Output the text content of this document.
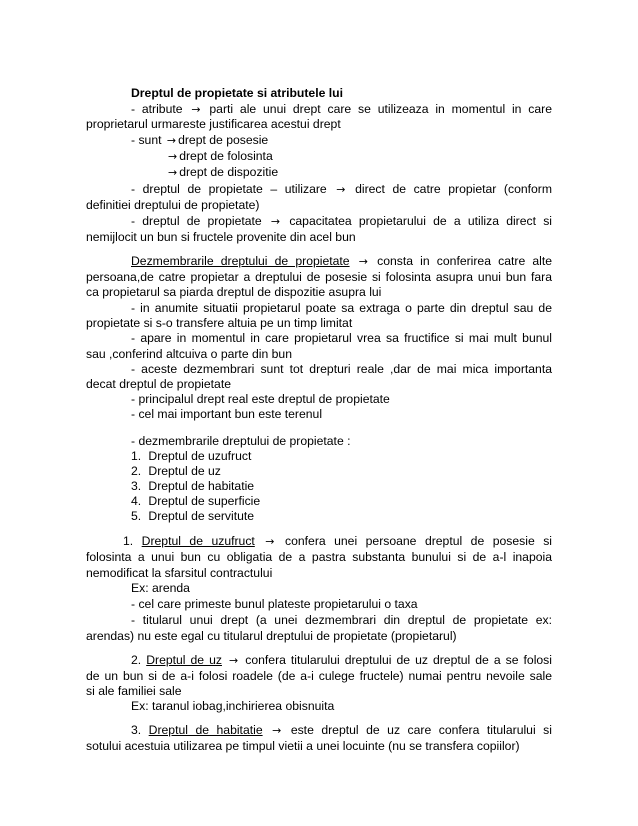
Dreptul de propietate si atributele lui
- atribute → parti ale unui drept care se utilizeaza in momentul in care
proprietarul urmareste justificarea acestui drept
- sunt → drept de posesie
→ drept de folosinta
→ drept de dispozitie
- dreptul de propietate – utilizare → direct de catre propietar (conform
definitiei dreptului de propietate)
- dreptul de propietate → capacitatea propietarului de a utiliza direct si
nemijlocit un bun si fructele provenite din acel bun
Dezmembrarile dreptului de propietate → consta in conferirea catre alte
persoana,de catre propietar a dreptului de posesie si folosinta asupra unui bun fara
ca propietarul sa piarda dreptul de dispozitie asupra lui
- in anumite situatii propietarul poate sa extraga o parte din dreptul sau de
propietate si s-o transfere altuia pe un timp limitat
- apare in momentul in care propietarul vrea sa fructifice si mai mult bunul
sau ,conferind altcuiva o parte din bun
- aceste dezmembrari sunt tot drepturi reale ,dar de mai mica importanta
decat dreptul de propietate
- principalul drept real este dreptul de propietate
- cel mai important bun este terenul
- dezmembrarile dreptului de propietate :
1. Dreptul de uzufruct
2. Dreptul de uz
3. Dreptul de habitatie
4. Dreptul de superficie
5. Dreptul de servitute
1. Dreptul de uzufruct → confera unei persoane dreptul de posesie si
folosinta a unui bun cu obligatia de a pastra substanta bunului si de a-l inapoia
nemodificat la sfarsitul contractului
Ex: arenda
- cel care primeste bunul plateste propietarului o taxa
- titularul unui drept (a unei dezmembrari din dreptul de propietate ex:
arendas) nu este egal cu titularul dreptului de propietate (propietarul)
2. Dreptul de uz → confera titularului dreptului de uz dreptul de a se folosi
de un bun si de a-i folosi roadele (de a-i culege fructele) numai pentru nevoile sale
si ale familiei sale
Ex: taranul iobag,inchirierea obisnuita
3. Dreptul de habitatie → este dreptul de uz care confera titularului si
sotului acestuia utilizarea pe timpul vietii a unei locuinte (nu se transfera copiilor)
